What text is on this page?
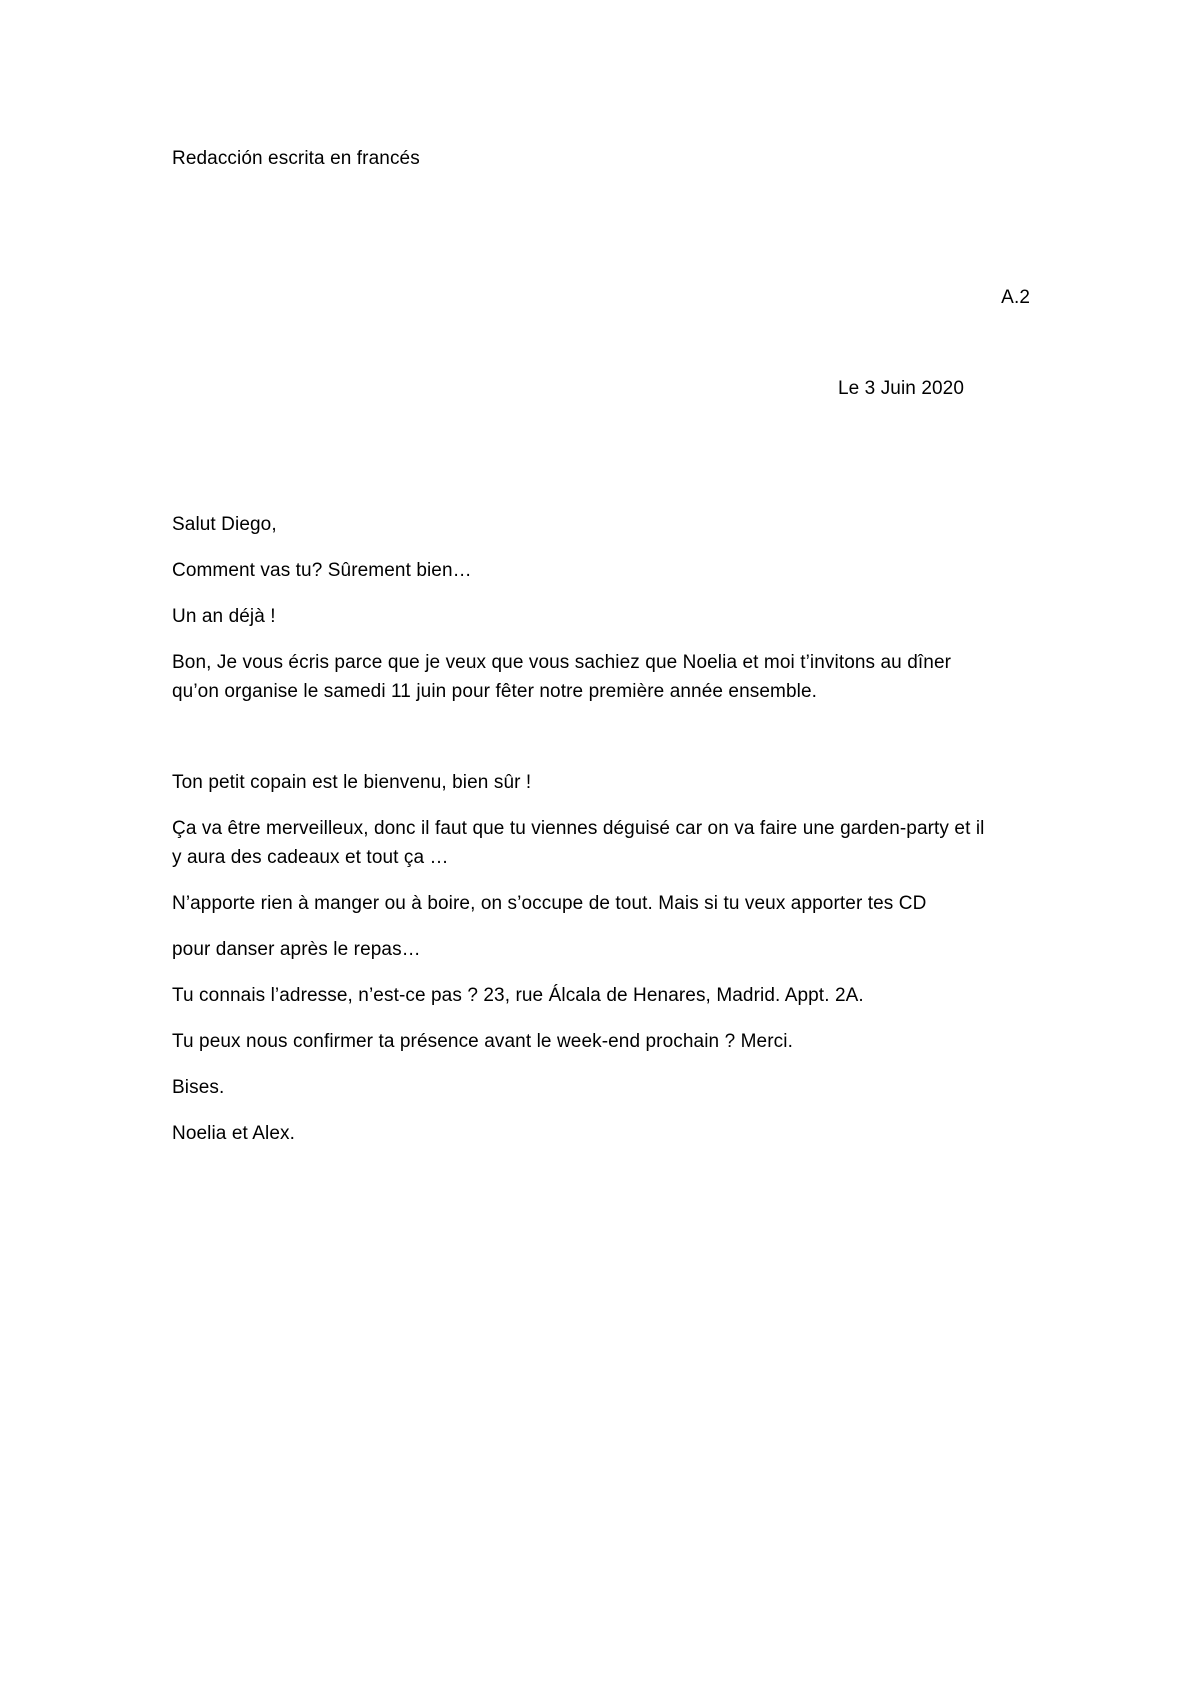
Redacción escrita en francés
A.2
Le 3 Juin 2020
Salut Diego,
Comment vas tu? Sûrement bien…
Un an déjà !
Bon, Je vous écris parce que je veux que vous sachiez que Noelia et moi t’invitons au dîner
qu’on organise le samedi 11 juin pour fêter notre première année ensemble.
Ton petit copain est le bienvenu, bien sûr !
Ça va être merveilleux, donc il faut que tu viennes déguisé car on va faire une garden-party et il
y aura des cadeaux et tout ça …
N’apporte rien à manger ou à boire, on s’occupe de tout. Mais si tu veux apporter tes CD
pour danser après le repas…
Tu connais l’adresse, n’est-ce pas ? 23, rue Álcala de Henares, Madrid. Appt. 2A.
Tu peux nous confirmer ta présence avant le week-end prochain ? Merci.
Bises.
Noelia et Alex.
